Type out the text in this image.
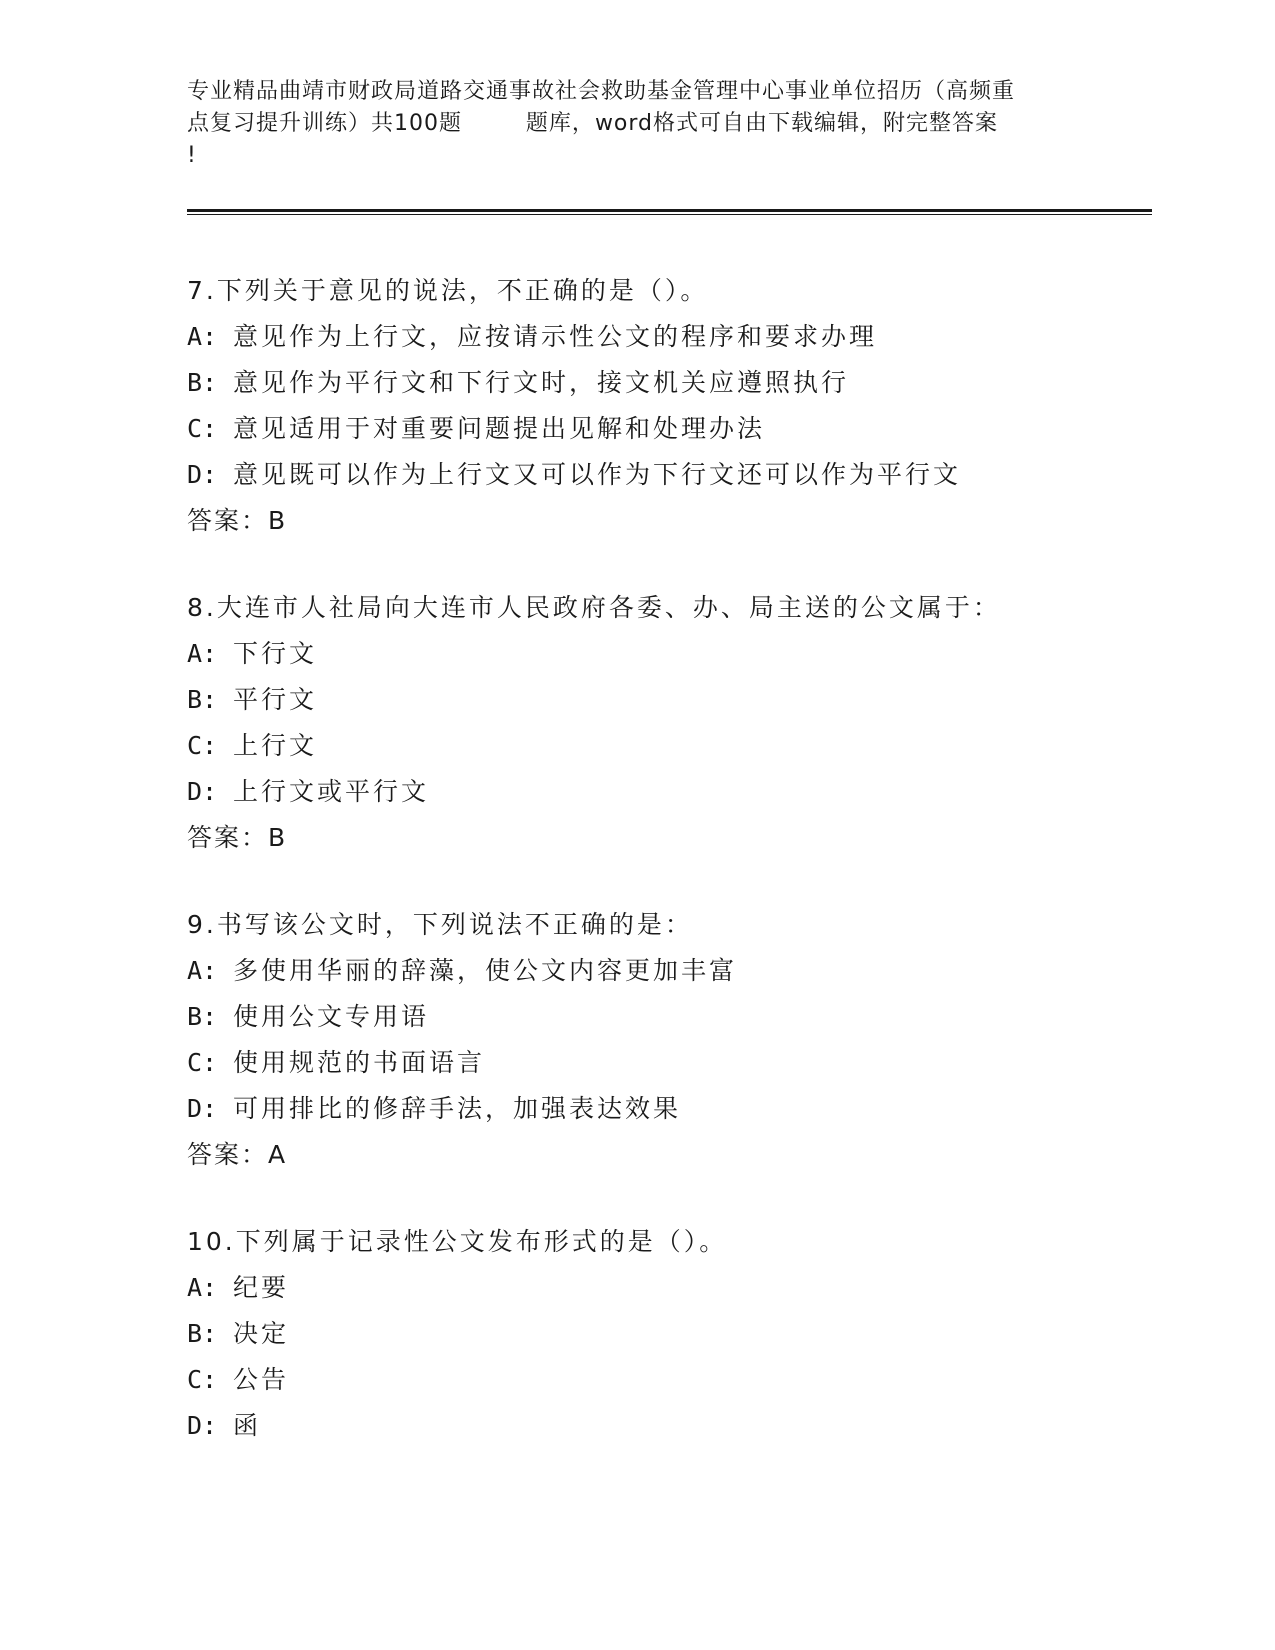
专业精品曲靖市财政局道路交通事故社会救助基金管理中心事业单位招历（高频重
点复习提升训练）共100题        题库，word格式可自由下载编辑，附完整答案
!
7.下列关于意见的说法，不正确的是（）。
A: 意见作为上行文，应按请示性公文的程序和要求办理
B: 意见作为平行文和下行文时，接文机关应遵照执行
C: 意见适用于对重要问题提出见解和处理办法
D: 意见既可以作为上行文又可以作为下行文还可以作为平行文
答案：B
8.大连市人社局向大连市人民政府各委、办、局主送的公文属于：
A: 下行文
B: 平行文
C: 上行文
D: 上行文或平行文
答案：B
9.书写该公文时，下列说法不正确的是：
A: 多使用华丽的辞藻，使公文内容更加丰富
B: 使用公文专用语
C: 使用规范的书面语言
D: 可用排比的修辞手法，加强表达效果
答案：A
10.下列属于记录性公文发布形式的是（）。
A: 纪要
B: 决定
C: 公告
D: 函
